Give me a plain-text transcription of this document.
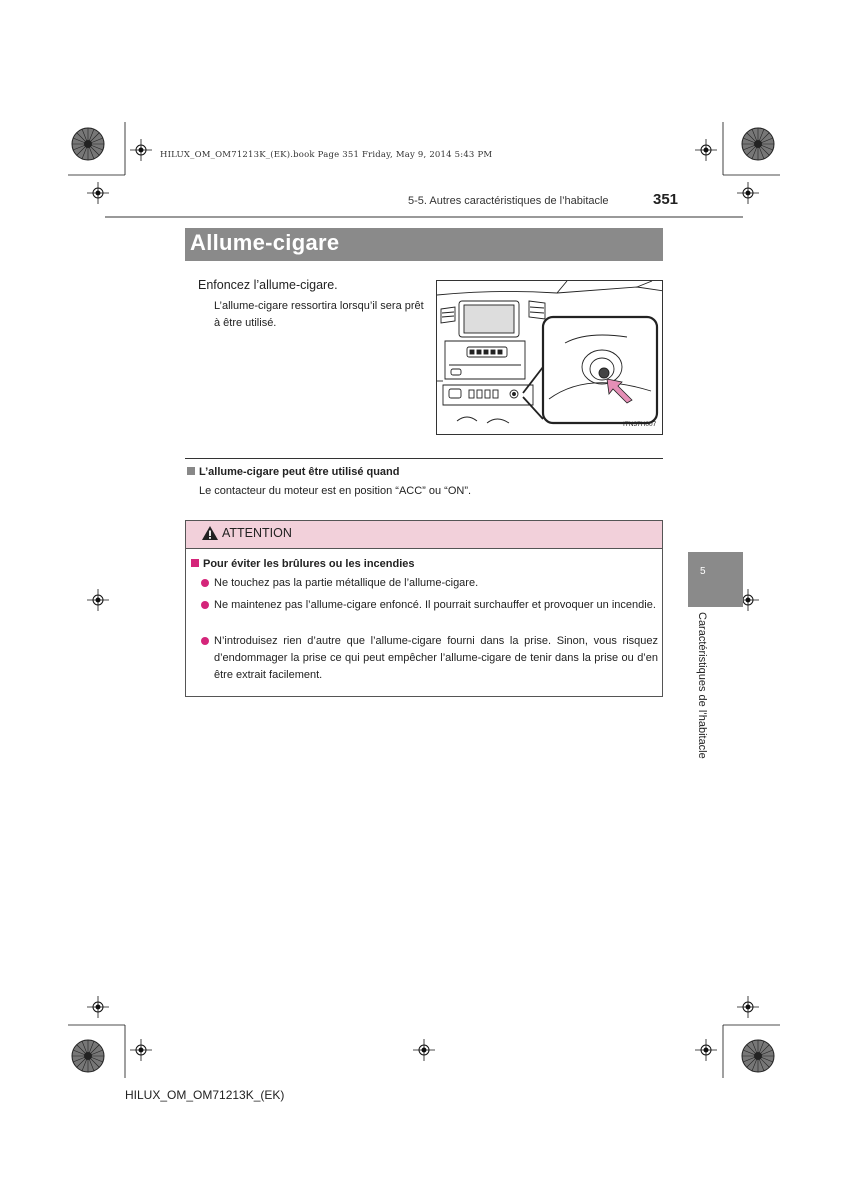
HILUX_OM_OM71213K_(EK).book Page 351 Friday, May 9, 2014 5:43 PM
5-5. Autres caractéristiques de l’habitacle	351
Allume-cigare
Enfoncez l’allume-cigare.
L’allume-cigare ressortira lorsqu’il sera prêt à être utilisé.
ITN37H007
L’allume-cigare peut être utilisé quand
Le contacteur du moteur est en position “ACC” ou “ON”.
ATTENTION
Pour éviter les brûlures ou les incendies
Ne touchez pas la partie métallique de l’allume-cigare.
Ne maintenez pas l’allume-cigare enfoncé. Il pourrait surchauffer et provoquer un incendie.
N’introduisez rien d’autre que l’allume-cigare fourni dans la prise. Sinon, vous risquez d’endommager la prise ce qui peut empêcher l’allume-cigare de tenir dans la prise ou d’en être extrait facilement.
5
Caractéristiques de l’habitacle
HILUX_OM_OM71213K_(EK)
